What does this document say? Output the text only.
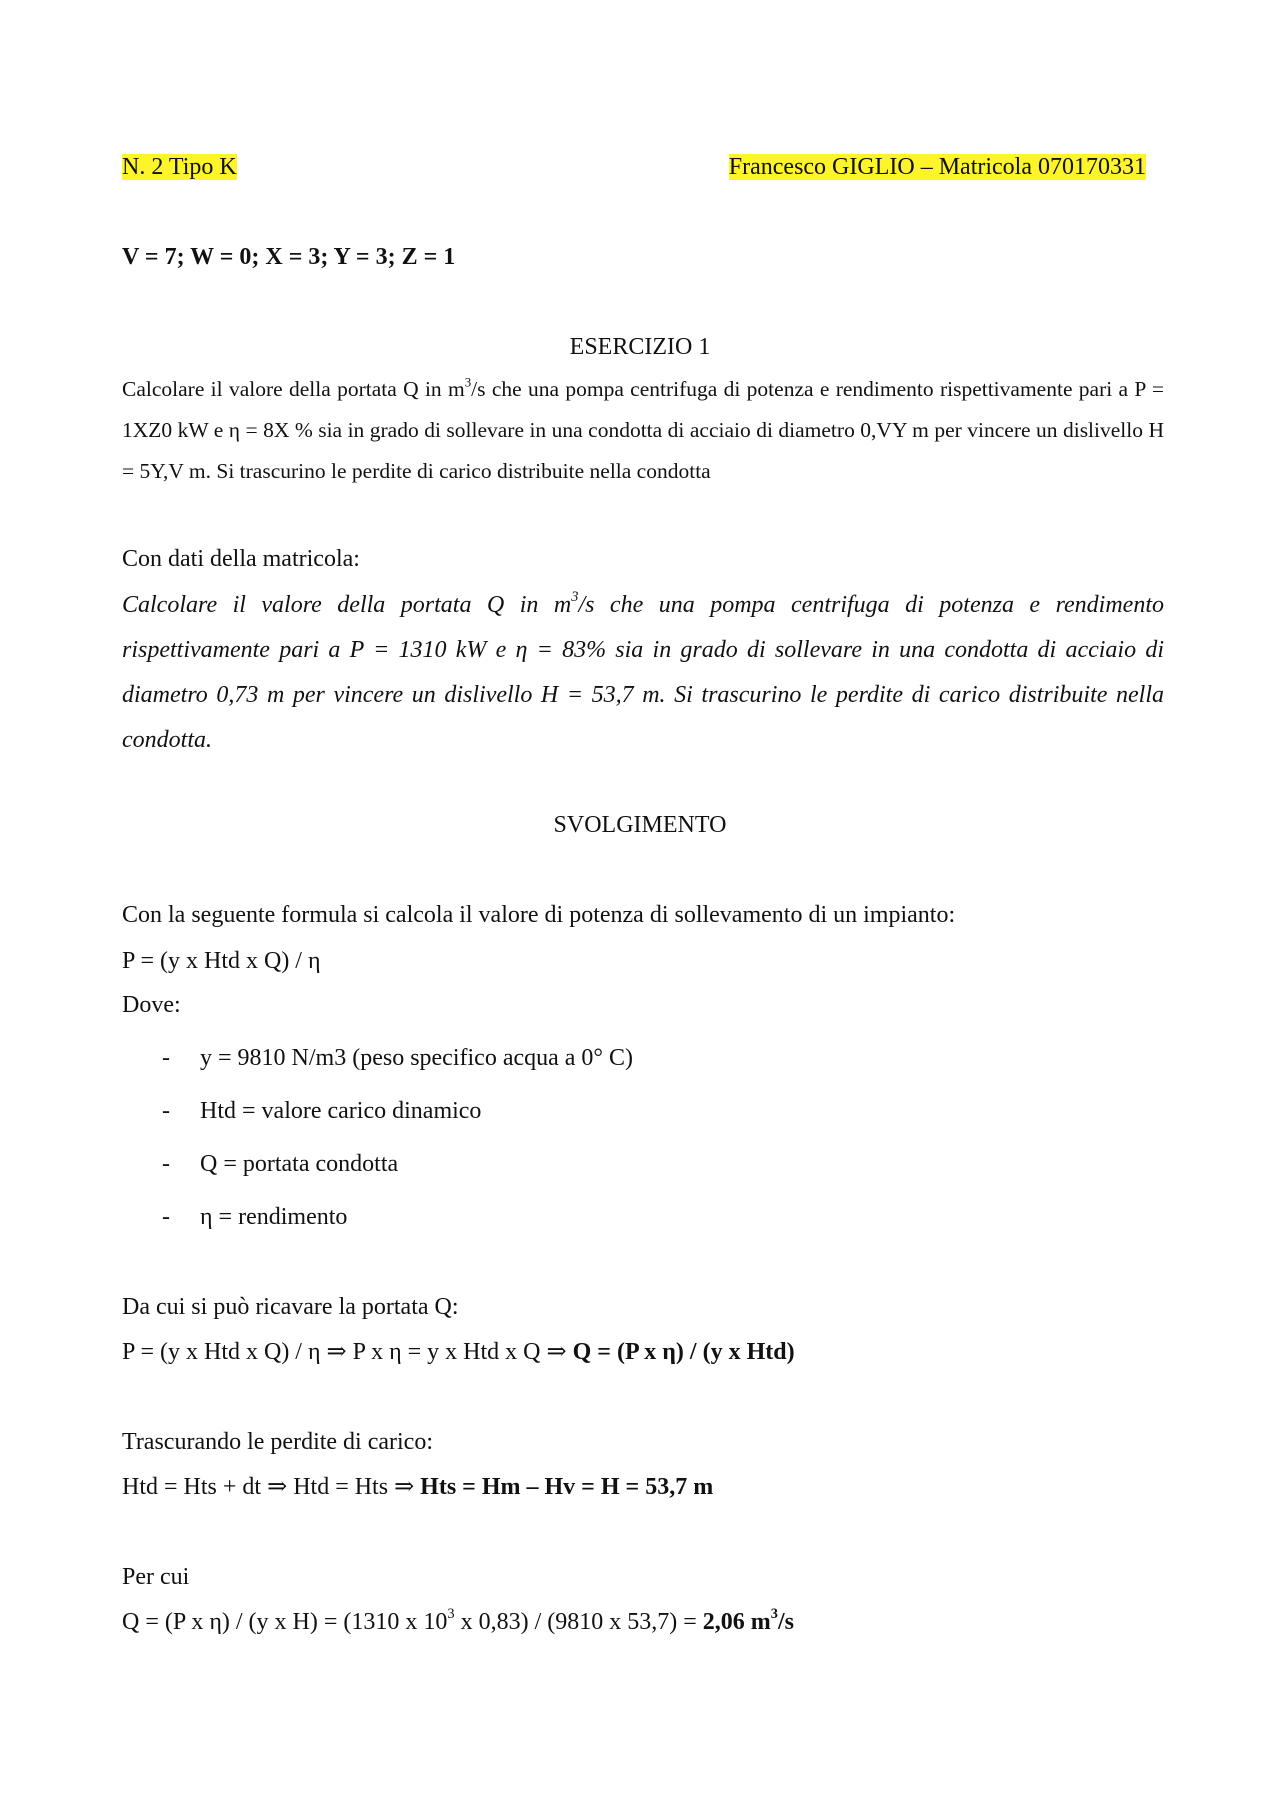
N. 2 Tipo K	Francesco GIGLIO – Matricola 070170331
V = 7; W = 0; X = 3; Y = 3; Z = 1
ESERCIZIO 1
Calcolare il valore della portata Q in $m^3/s$ che una pompa centrifuga di potenza e rendimento rispettivamente pari a P = 1XZ0 kW e η = 8X % sia in grado di sollevare in una condotta di acciaio di diametro 0,VY m per vincere un dislivello H = 5Y,V m. Si trascurino le perdite di carico distribuite nella condotta
Con dati della matricola:
Calcolare il valore della portata Q in $m^3/s$ che una pompa centrifuga di potenza e rendimento rispettivamente pari a P = 1310 kW e η = 83% sia in grado di sollevare in una condotta di acciaio di diametro 0,73 m per vincere un dislivello H = 53,7 m. Si trascurino le perdite di carico distribuite nella condotta.
SVOLGIMENTO
Con la seguente formula si calcola il valore di potenza di sollevamento di un impianto:
P = (y x Htd x Q) / η
Dove:
- y = 9810 N/m3 (peso specifico acqua a 0° C)
- Htd = valore carico dinamico
- Q = portata condotta
- η = rendimento
Da cui si può ricavare la portata Q:
P = (y x Htd x Q) / η ⇒ P x η = y x Htd x Q ⇒ Q = (P x η) / (y x Htd)
Trascurando le perdite di carico:
Htd = Hts + dt ⇒ Htd = Hts ⇒ Hts = Hm – Hv = H = 53,7 m
Per cui
Q = (P x η) / (y x H) = (1310 x $10^3$ x 0,83) / (9810 x 53,7) = 2,06 $m^3/s$
